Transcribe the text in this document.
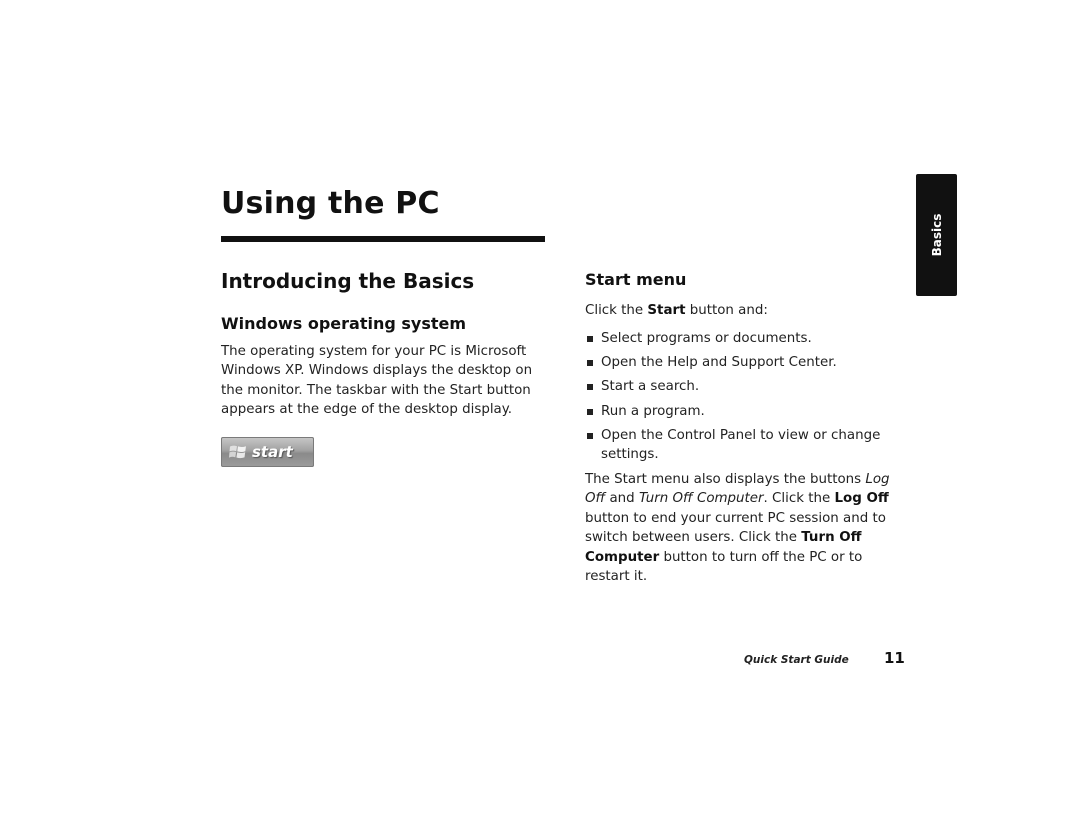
Using the PC
Introducing the Basics
Windows operating system

The operating system for your PC is Microsoft Windows XP. Windows displays the desktop on the monitor. The taskbar with the Start button appears at the edge of the desktop display.

start
Start menu

Click the Start button and:

Select programs or documents.
Open the Help and Support Center.
Start a search.
Run a program.
Open the Control Panel to view or change settings.

The Start menu also displays the buttons Log Off and Turn Off Computer. Click the Log Off button to end your current PC session and to switch between users. Click the Turn Off Computer button to turn off the PC or to restart it.

Basics
Quick Start Guide 11
